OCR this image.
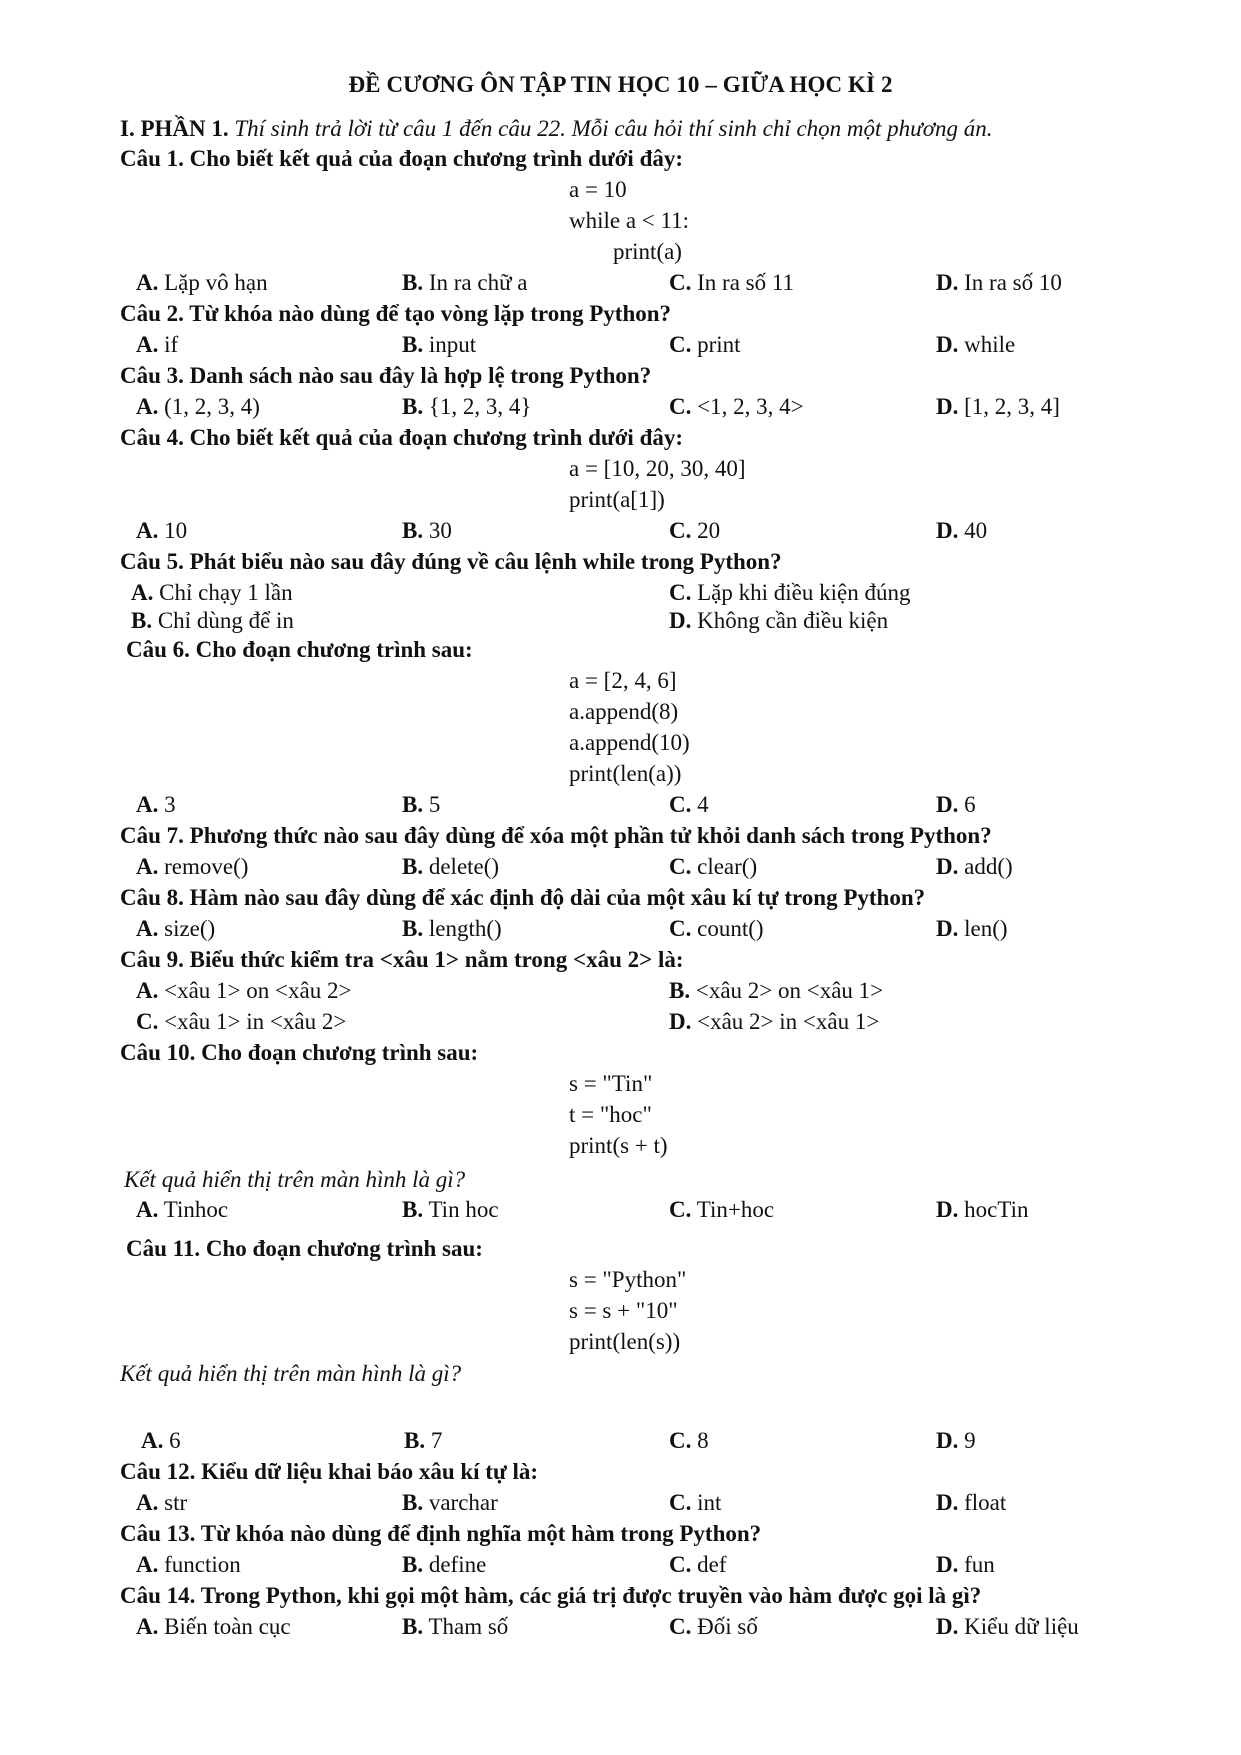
ĐỀ CƯƠNG ÔN TẬP TIN HỌC 10 – GIỮA HỌC KÌ 2
I. PHẦN 1. Thí sinh trả lời từ câu 1 đến câu 22. Mỗi câu hỏi thí sinh chỉ chọn một phương án.
Câu 1. Cho biết kết quả của đoạn chương trình dưới đây:
a = 10
while a < 11:
print(a)
A. Lặp vô hạn	B. In ra chữ a	C. In ra số 11	D. In ra số 10
Câu 2. Từ khóa nào dùng để tạo vòng lặp trong Python?
A. if	B. input	C. print	D. while
Câu 3. Danh sách nào sau đây là hợp lệ trong Python?
A. (1, 2, 3, 4)	B. {1, 2, 3, 4}	C. <1, 2, 3, 4>	D. [1, 2, 3, 4]
Câu 4. Cho biết kết quả của đoạn chương trình dưới đây:
a = [10, 20, 30, 40]
print(a[1])
A. 10	B. 30	C. 20	D. 40
Câu 5. Phát biểu nào sau đây đúng về câu lệnh while trong Python?
A. Chỉ chạy 1 lần	C. Lặp khi điều kiện đúng
B. Chỉ dùng để in	D. Không cần điều kiện
Câu 6. Cho đoạn chương trình sau:
a = [2, 4, 6]
a.append(8)
a.append(10)
print(len(a))
A. 3	B. 5	C. 4	D. 6
Câu 7. Phương thức nào sau đây dùng để xóa một phần tử khỏi danh sách trong Python?
A. remove()	B. delete()	C. clear()	D. add()
Câu 8. Hàm nào sau đây dùng để xác định độ dài của một xâu kí tự trong Python?
A. size()	B. length()	C. count()	D. len()
Câu 9. Biểu thức kiểm tra <xâu 1> nằm trong <xâu 2> là:
A. <xâu 1> on <xâu 2>	B. <xâu 2> on <xâu 1>
C. <xâu 1> in <xâu 2>	D. <xâu 2> in <xâu 1>
Câu 10. Cho đoạn chương trình sau:
s = "Tin"
t = "hoc"
print(s + t)
Kết quả hiển thị trên màn hình là gì?
A. Tinhoc	B. Tin hoc	C. Tin+hoc	D. hocTin
Câu 11. Cho đoạn chương trình sau:
s = "Python"
s = s + "10"
print(len(s))
Kết quả hiển thị trên màn hình là gì?
A. 6	B. 7	C. 8	D. 9
Câu 12. Kiểu dữ liệu khai báo xâu kí tự là:
A. str	B. varchar	C. int	D. float
Câu 13. Từ khóa nào dùng để định nghĩa một hàm trong Python?
A. function	B. define	C. def	D. fun
Câu 14. Trong Python, khi gọi một hàm, các giá trị được truyền vào hàm được gọi là gì?
A. Biến toàn cục	B. Tham số	C. Đối số	D. Kiểu dữ liệu
